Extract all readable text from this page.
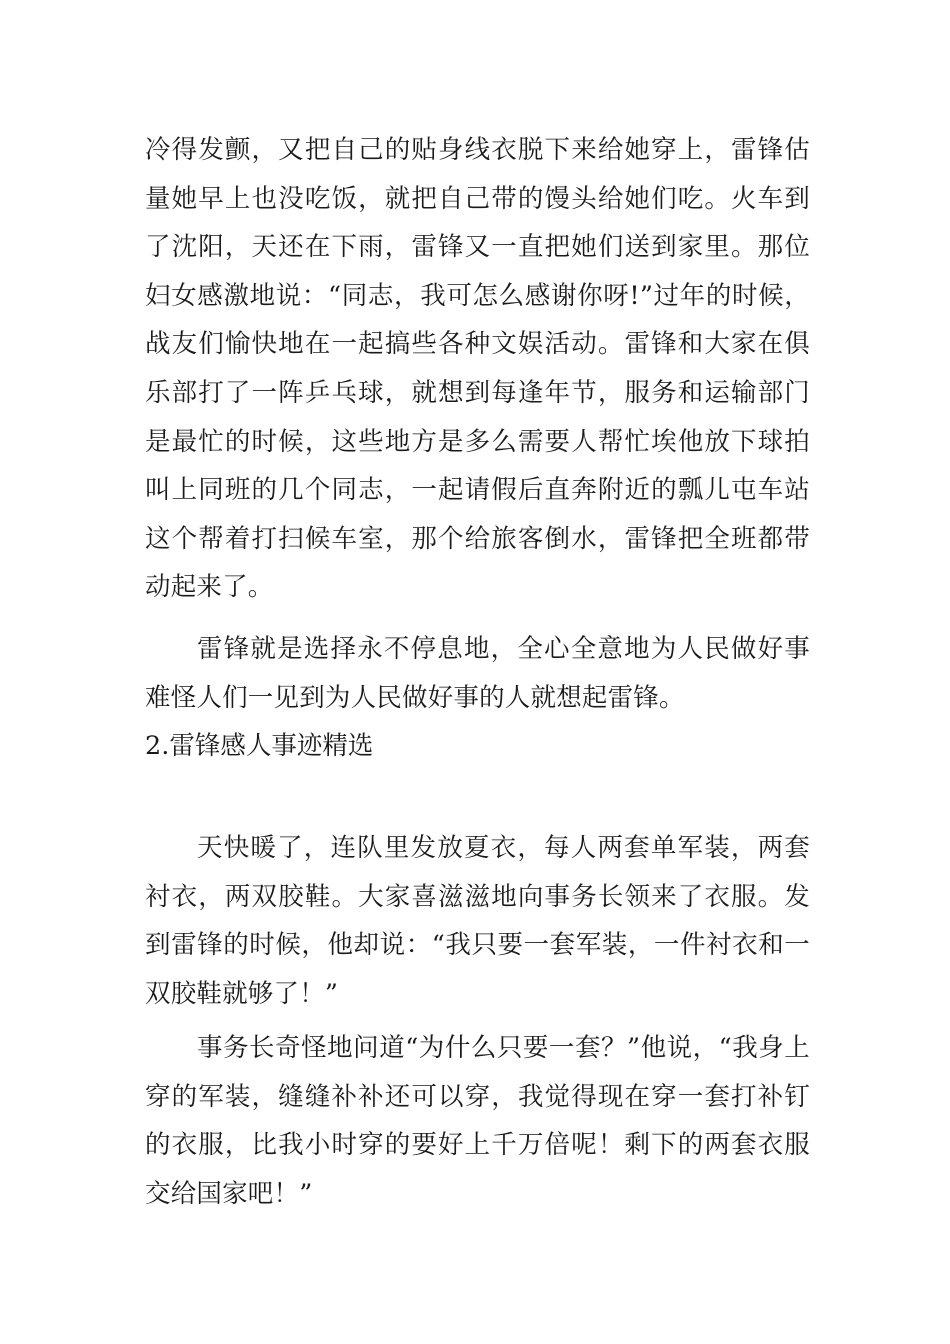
冷得发颤，又把自己的贴身线衣脱下来给她穿上，雷锋估量她早上也没吃饭，就把自己带的馒头给她们吃。火车到了沈阳，天还在下雨，雷锋又一直把她们送到家里。那位妇女感激地说：“同志，我可怎么感谢你呀!”过年的时候，战友们愉快地在一起搞些各种文娱活动。雷锋和大家在俱乐部打了一阵乒乓球，就想到每逢年节，服务和运输部门是最忙的时候，这些地方是多么需要人帮忙埃他放下球拍叫上同班的几个同志，一起请假后直奔附近的瓢儿屯车站这个帮着打扫候车室，那个给旅客倒水，雷锋把全班都带动起来了。

雷锋就是选择永不停息地，全心全意地为人民做好事难怪人们一见到为人民做好事的人就想起雷锋。

2.雷锋感人事迹精选

天快暖了，连队里发放夏衣，每人两套单军装，两套衬衣，两双胶鞋。大家喜滋滋地向事务长领来了衣服。发到雷锋的时候，他却说：“我只要一套军装，一件衬衣和一双胶鞋就够了！”

事务长奇怪地问道“为什么只要一套？”他说，“我身上穿的军装，缝缝补补还可以穿，我觉得现在穿一套打补钉的衣服，比我小时穿的要好上千万倍呢！剩下的两套衣服交给国家吧！”
